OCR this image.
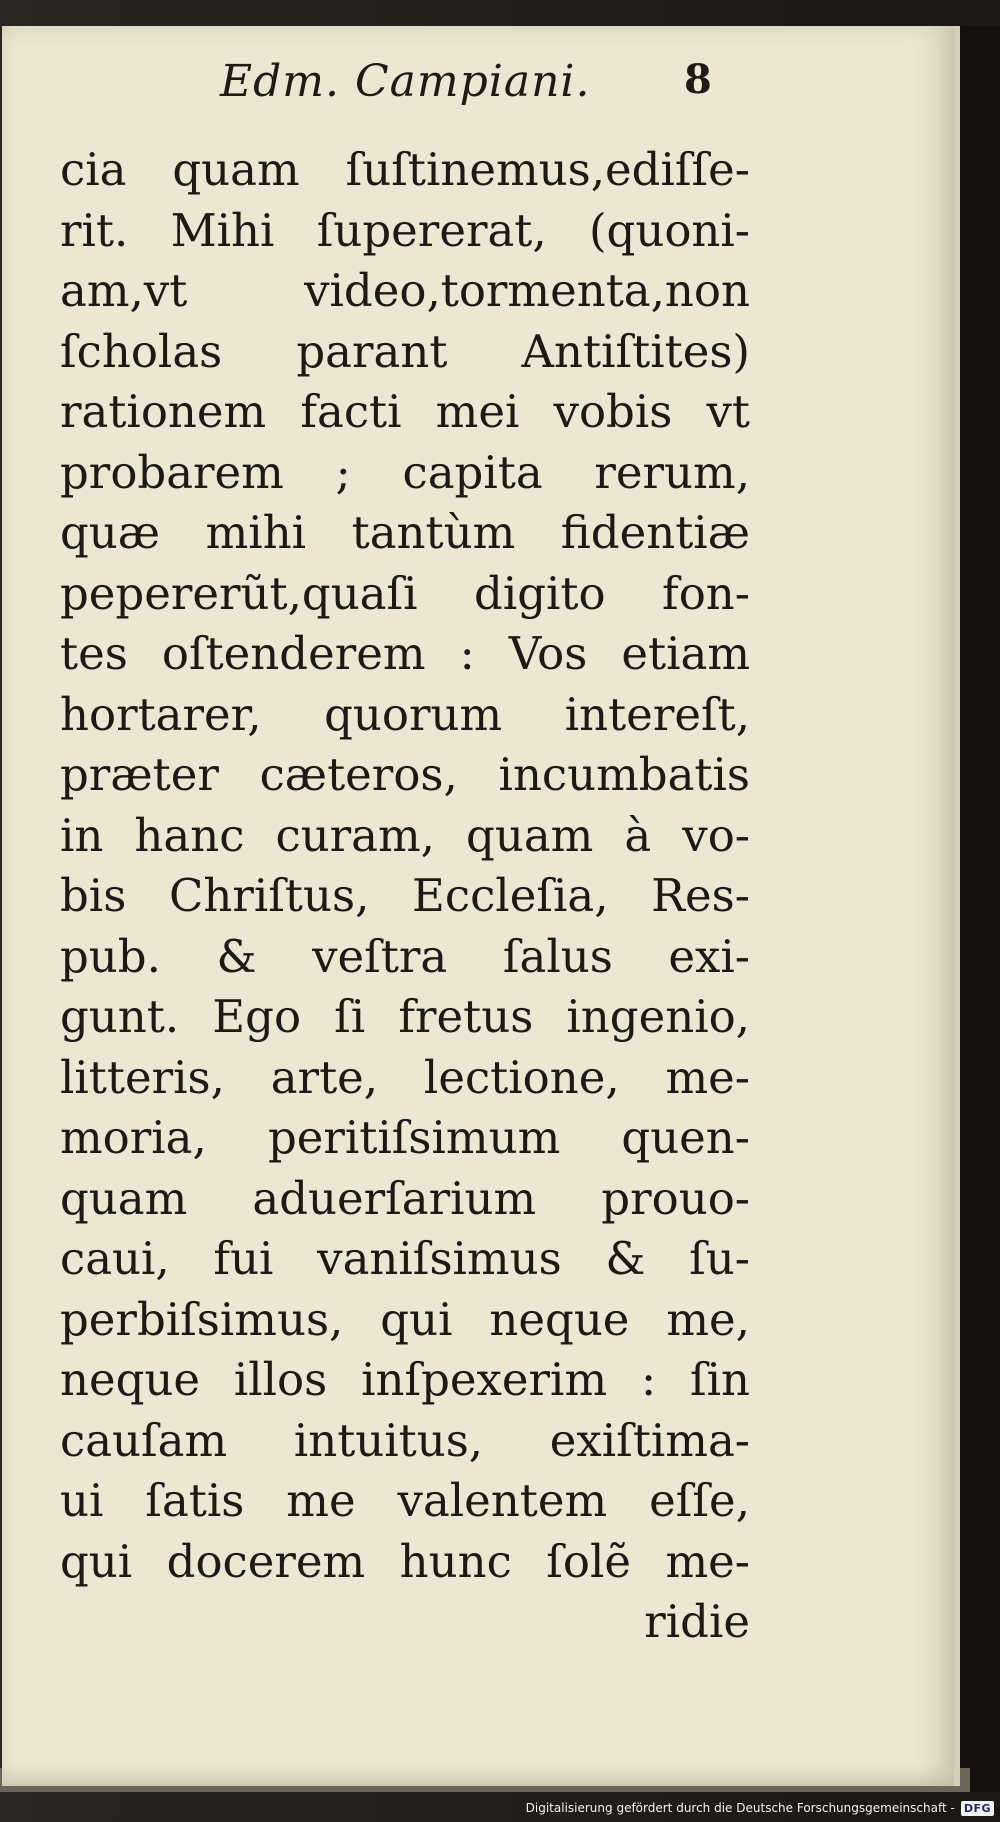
Edm. Campiani. 8
cia quam ſuſtinemus,ediſſe-
rit. Mihi ſupererat, (quoni-
am,vt video,tormenta,non
ſcholas parant Antiſtites)
rationem facti mei vobis vt
probarem ; capita rerum,
quæ mihi tantùm fidentiæ
pepererũt,quaſi digito fon-
tes oſtenderem : Vos etiam
hortarer, quorum intereſt,
præter cæteros, incumbatis
in hanc curam, quam à vo-
bis Chriſtus, Eccleſia, Res-
pub. & veſtra ſalus exi-
gunt. Ego ſi fretus ingenio,
litteris, arte, lectione, me-
moria, peritiſsimum quen-
quam aduerſarium prouo-
caui, fui vaniſsimus & ſu-
perbiſsimus, qui neque me,
neque illos inſpexerim : ſin
cauſam intuitus, exiſtima-
ui ſatis me valentem eſſe,
qui docerem hunc ſolẽ me-
ridie
Digitalisierung gefördert durch die Deutsche Forschungsgemeinschaft - DFG
